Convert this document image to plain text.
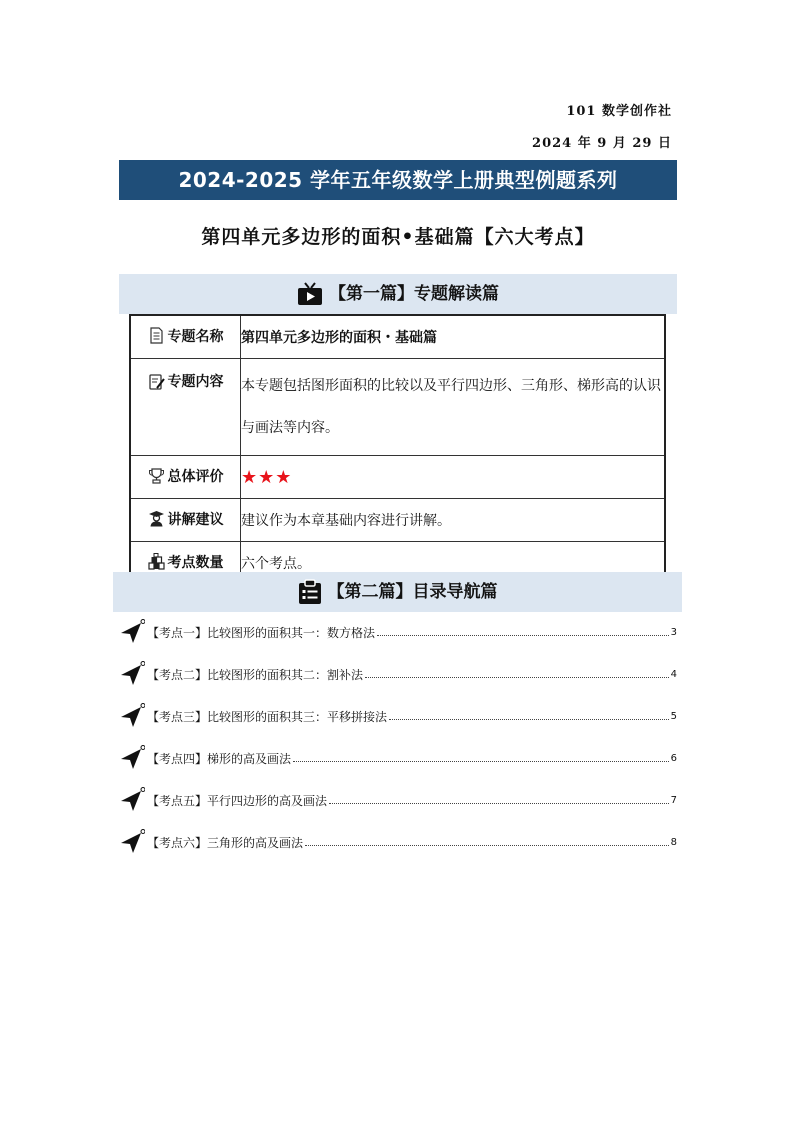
101 数学创作社
2024 年 9 月 29 日
2024-2025 学年五年级数学上册典型例题系列
第四单元多边形的面积•基础篇【六大考点】
【第一篇】专题解读篇
专题名称	第四单元多边形的面积・基础篇

专题内容	本专题包括图形面积的比较以及平行四边形、三角形、梯形高的认识与画法等内容。

总体评价	★★★

讲解建议	建议作为本章基础内容进行讲解。

考点数量	六个考点。
【第二篇】目录导航篇
【考点一】比较图形的面积其一：数方格法	3
【考点二】比较图形的面积其二：割补法	4
【考点三】比较图形的面积其三：平移拼接法	5
【考点四】梯形的高及画法	6
【考点五】平行四边形的高及画法	7
【考点六】三角形的高及画法	8
